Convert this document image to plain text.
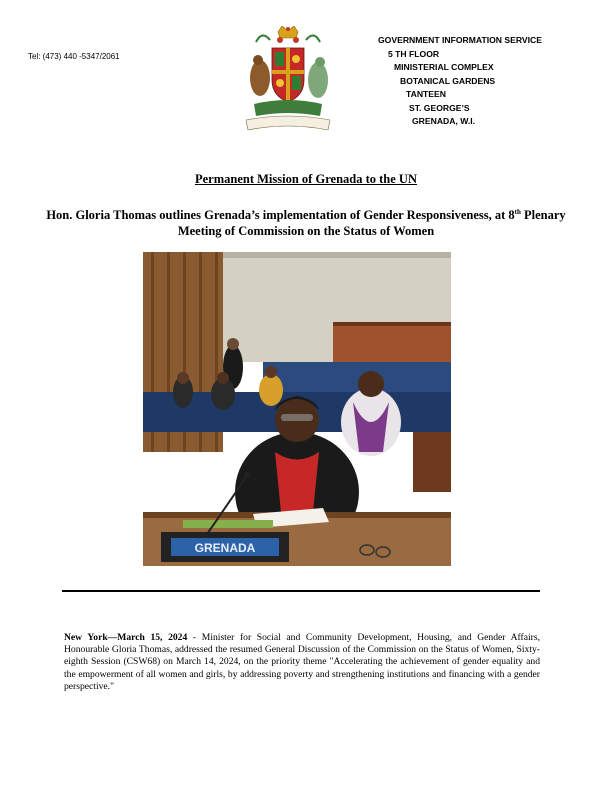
Tel: (473) 440 -5347/2061
GOVERNMENT INFORMATION SERVICE
5 TH FLOOR
MINISTERIAL COMPLEX
BOTANICAL GARDENS
TANTEEN
ST. GEORGE’S
GRENADA, W.I.
Permanent Mission of Grenada to the UN
Hon. Gloria Thomas outlines Grenada’s implementation of Gender Responsiveness, at 8th Plenary Meeting of Commission on the Status of Women
GRENADA
New York—March 15, 2024 - Minister for Social and Community Development, Housing, and Gender Affairs, Honourable Gloria Thomas, addressed the resumed General Discussion of the Commission on the Status of Women, Sixty-eighth Session (CSW68) on March 14, 2024, on the priority theme "Accelerating the achievement of gender equality and the empowerment of all women and girls, by addressing poverty and strengthening institutions and financing with a gender perspective."
